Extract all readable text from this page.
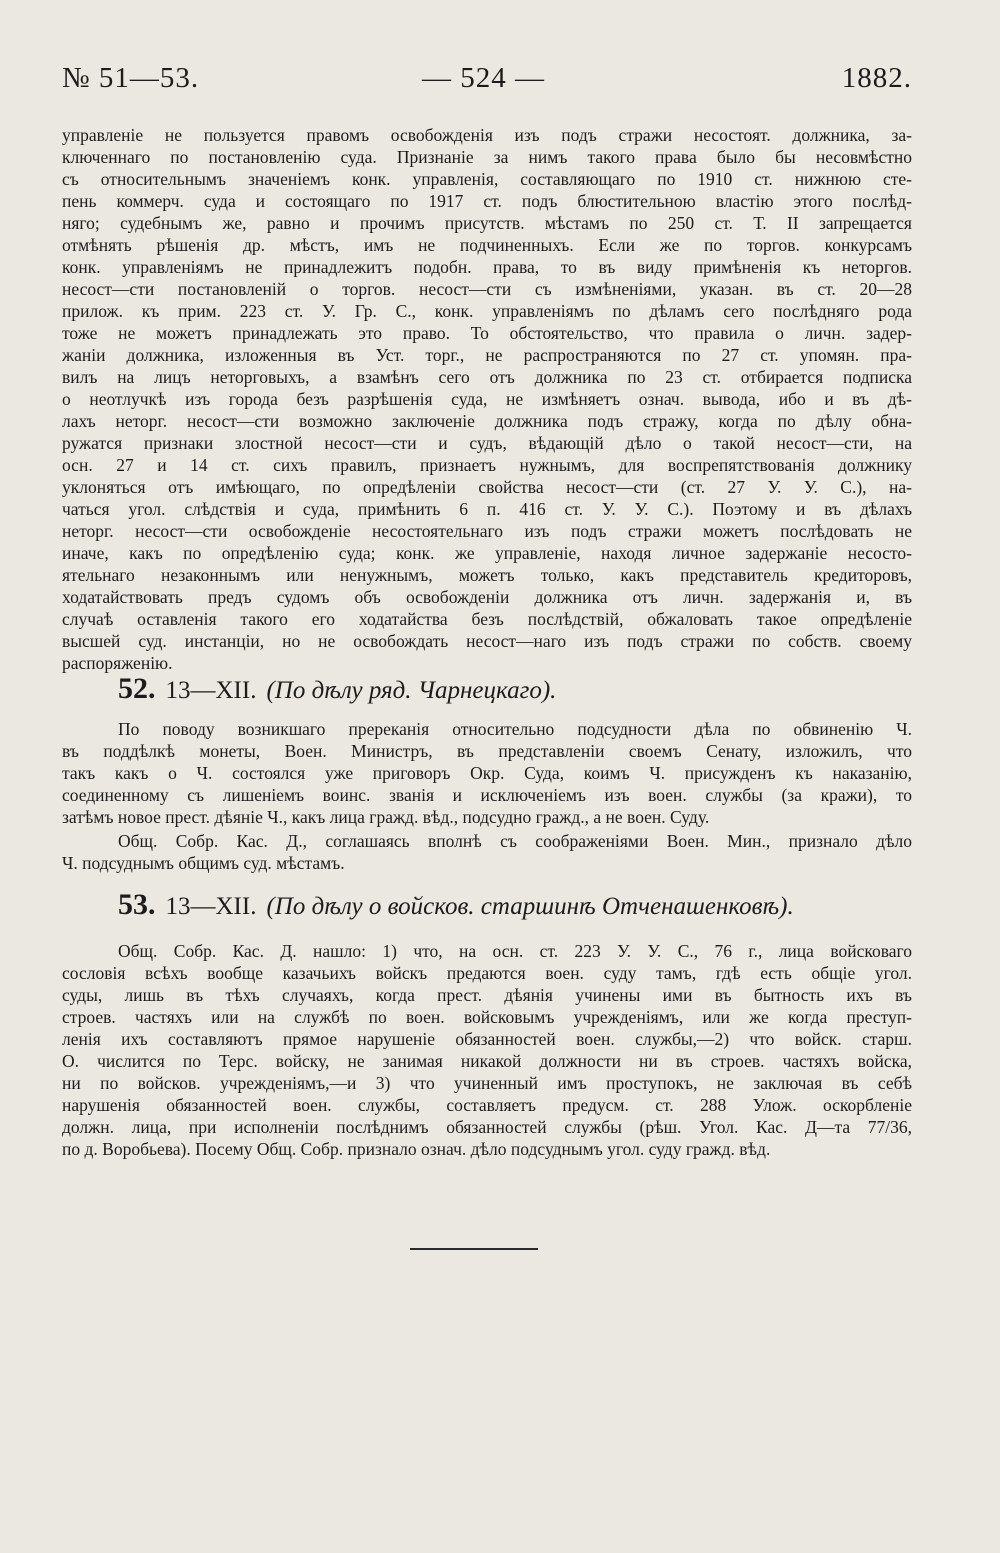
№ 51—53.	— 524 —	1882.
управленіе не пользуется правомъ освобожденія изъ подъ стражи несостоят. должника, за-
ключеннаго по постановленію суда. Признаніе за нимъ такого права было бы несовмѣстно
съ относительнымъ значеніемъ конк. управленія, составляющаго по 1910 ст. нижнюю сте-
пень коммерч. суда и состоящаго по 1917 ст. подъ блюстительною властію этого послѣд-
няго; судебнымъ же, равно и прочимъ присутств. мѣстамъ по 250 ст. Т. II запрещается
отмѣнять рѣшенія др. мѣстъ, имъ не подчиненныхъ. Если же по торгов. конкурсамъ
конк. управленіямъ не принадлежитъ подобн. права, то въ виду примѣненія къ неторгов.
несост—сти постановленій о торгов. несост—сти съ измѣненіями, указан. въ ст. 20—28
прилож. къ прим. 223 ст. У. Гр. С., конк. управленіямъ по дѣламъ сего послѣдняго рода
тоже не можетъ принадлежать это право. То обстоятельство, что правила о личн. задер-
жаніи должника, изложенныя въ Уст. торг., не распространяются по 27 ст. упомян. пра-
вилъ на лицъ неторговыхъ, а взамѣнъ сего отъ должника по 23 ст. отбирается подписка
о неотлучкѣ изъ города безъ разрѣшенія суда, не измѣняетъ означ. вывода, ибо и въ дѣ-
лахъ неторг. несост—сти возможно заключеніе должника подъ стражу, когда по дѣлу обна-
ружатся признаки злостной несост—сти и судъ, вѣдающій дѣло о такой несост—сти, на
осн. 27 и 14 ст. сихъ правилъ, признаетъ нужнымъ, для воспрепятствованія должнику
уклоняться отъ имѣющаго, по опредѣленіи свойства несост—сти (ст. 27 У. У. С.), на-
чаться угол. слѣдствія и суда, примѣнить 6 п. 416 ст. У. У. С.). Поэтому и въ дѣлахъ
неторг. несост—сти освобожденіе несостоятельнаго изъ подъ стражи можетъ послѣдовать не
иначе, какъ по опредѣленію суда; конк. же управленіе, находя личное задержаніе несосто-
ятельнаго незаконнымъ или ненужнымъ, можетъ только, какъ представитель кредиторовъ,
ходатайствовать предъ судомъ объ освобожденіи должника отъ личн. задержанія и, въ
случаѣ оставленія такого его ходатайства безъ послѣдствій, обжаловать такое опредѣленіе
высшей суд. инстанціи, но не освобождать несост—наго изъ подъ стражи по собств. своему
распоряженію.
52. 13—XII. (По дѣлу ряд. Чарнецкаго).
По поводу возникшаго пререканія относительно подсудности дѣла по обвиненію Ч.
въ поддѣлкѣ монеты, Воен. Министръ, въ представленіи своемъ Сенату, изложилъ, что
такъ какъ о Ч. состоялся уже приговоръ Окр. Суда, коимъ Ч. присужденъ къ наказанію,
соединенному съ лишеніемъ воинс. званія и исключеніемъ изъ воен. службы (за кражи), то
затѣмъ новое прест. дѣяніе Ч., какъ лица гражд. вѣд., подсудно гражд., а не воен. Суду.
Общ. Собр. Кас. Д., соглашаясь вполнѣ съ соображеніями Воен. Мин., признало дѣло
Ч. подсуднымъ общимъ суд. мѣстамъ.
53. 13—XII. (По дѣлу о войсков. старшинѣ Отченашенковѣ).
Общ. Собр. Кас. Д. нашло: 1) что, на осн. ст. 223 У. У. С., 76 г., лица войсковаго
сословія всѣхъ вообще казачьихъ войскъ предаются воен. суду тамъ, гдѣ есть общіе угол.
суды, лишь въ тѣхъ случаяхъ, когда прест. дѣянія учинены ими въ бытность ихъ въ
строев. частяхъ или на службѣ по воен. войсковымъ учрежденіямъ, или же когда преступ-
ленія ихъ составляютъ прямое нарушеніе обязанностей воен. службы,—2) что войск. старш.
О. числится по Терс. войску, не занимая никакой должности ни въ строев. частяхъ войска,
ни по войсков. учрежденіямъ,—и 3) что учиненный имъ проступокъ, не заключая въ себѣ
нарушенія обязанностей воен. службы, составляетъ предусм. ст. 288 Улож. оскорбленіе
должн. лица, при исполненіи послѣднимъ обязанностей службы (рѣш. Угол. Кас. Д—та 77/36,
по д. Воробьева). Посему Общ. Собр. признало означ. дѣло подсуднымъ угол. суду гражд. вѣд.
